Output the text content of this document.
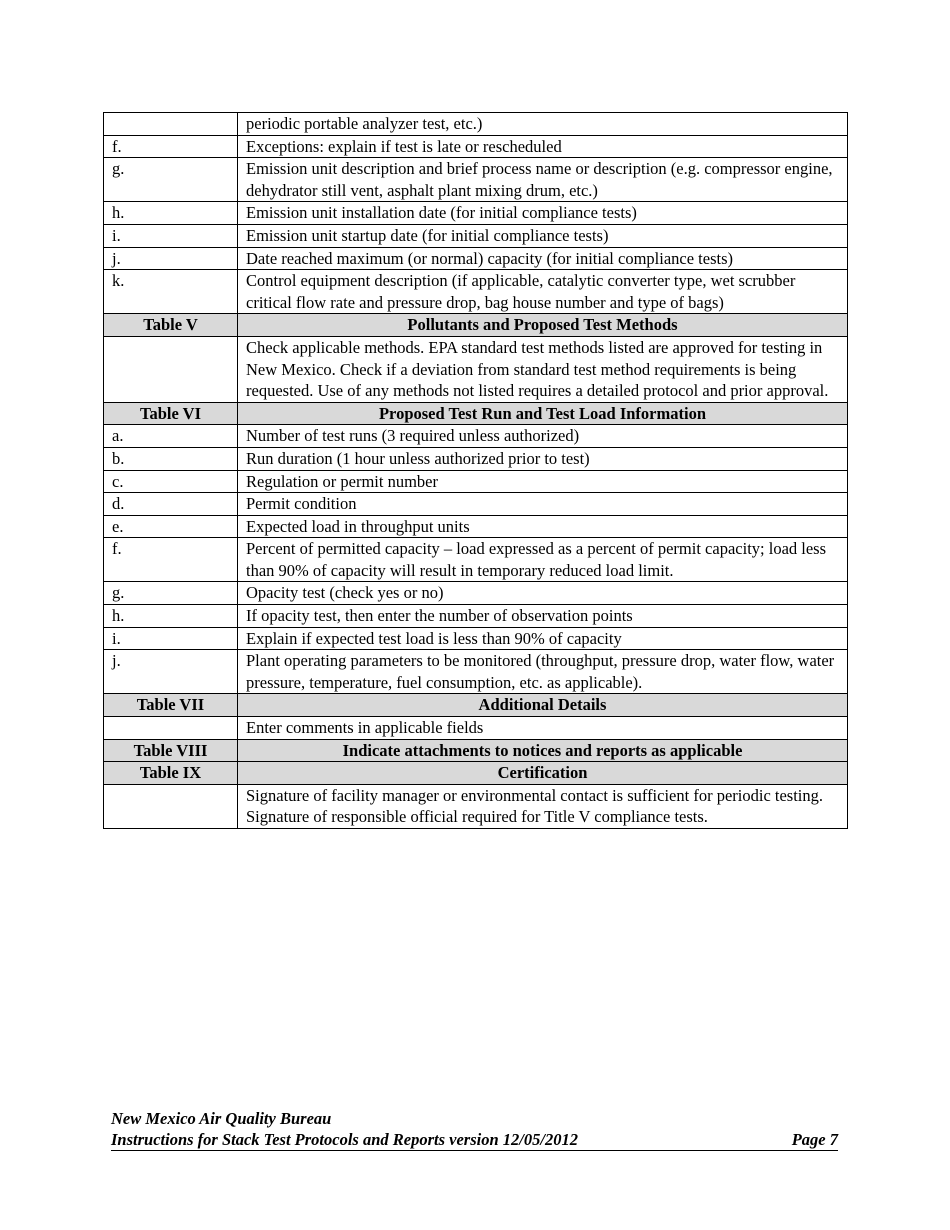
	periodic portable analyzer test, etc.)
f.	Exceptions: explain if test is late or rescheduled
g.	Emission unit description and brief process name or description (e.g. compressor engine, dehydrator still vent, asphalt plant mixing drum, etc.)
h.	Emission unit installation date (for initial compliance tests)
i.	Emission unit startup date (for initial compliance tests)
j.	Date reached maximum (or normal) capacity (for initial compliance tests)
k.	Control equipment description (if applicable, catalytic converter type, wet scrubber critical flow rate and pressure drop, bag house number and type of bags)
Table V	Pollutants and Proposed Test Methods
	Check applicable methods. EPA standard test methods listed are approved for testing in New Mexico. Check if a deviation from standard test method requirements is being requested. Use of any methods not listed requires a detailed protocol and prior approval.
Table VI	Proposed Test Run and Test Load Information
a.	Number of test runs (3 required unless authorized)
b.	Run duration (1 hour unless authorized prior to test)
c.	Regulation or permit number
d.	Permit condition
e.	Expected load in throughput units
f.	Percent of permitted capacity – load expressed as a percent of permit capacity; load less than 90% of capacity will result in temporary reduced load limit.
g.	Opacity test (check yes or no)
h.	If opacity test, then enter the number of observation points
i.	Explain if expected test load is less than 90% of capacity
j.	Plant operating parameters to be monitored (throughput, pressure drop, water flow, water pressure, temperature, fuel consumption, etc. as applicable).
Table VII	Additional Details
	Enter comments in applicable fields
Table VIII	Indicate attachments to notices and reports as applicable
Table IX	Certification
	Signature of facility manager or environmental contact is sufficient for periodic testing. Signature of responsible official required for Title V compliance tests.
New Mexico Air Quality Bureau
Instructions for Stack Test Protocols and Reports version 12/05/2012	Page 7
